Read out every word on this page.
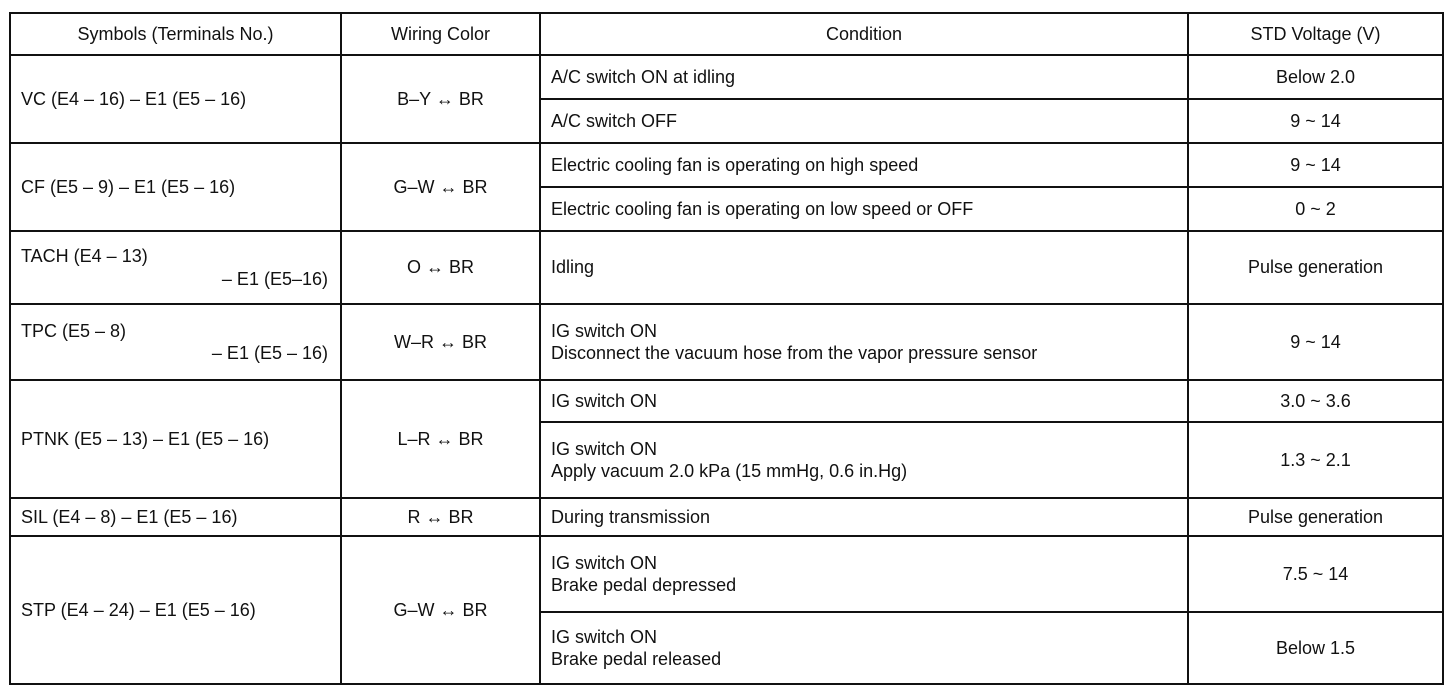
Symbols (Terminals No.)	Wiring Color	Condition	STD Voltage (V)

VC (E4 – 16) – E1 (E5 – 16)	B–Y ↔ BR	A/C switch ON at idling	Below 2.0

		A/C switch OFF	9 ~ 14

CF (E5 – 9) – E1 (E5 – 16)	G–W ↔ BR	Electric cooling fan is operating on high speed	9 ~ 14

		Electric cooling fan is operating on low speed or OFF	0 ~ 2

TACH (E4 – 13)
– E1 (E5–16)	O ↔ BR	Idling	Pulse generation

TPC (E5 – 8)
– E1 (E5 – 16)	W–R ↔ BR	IG switch ON
Disconnect the vacuum hose from the vapor pressure sensor	9 ~ 14

PTNK (E5 – 13) – E1 (E5 – 16)	L–R ↔ BR	IG switch ON	3.0 ~ 3.6

		IG switch ON
Apply vacuum 2.0 kPa (15 mmHg, 0.6 in.Hg)	1.3 ~ 2.1

SIL (E4 – 8) – E1 (E5 – 16)	R ↔ BR	During transmission	Pulse generation

STP (E4 – 24) – E1 (E5 – 16)	G–W ↔ BR	IG switch ON
Brake pedal depressed	7.5 ~ 14

		IG switch ON
Brake pedal released	Below 1.5
